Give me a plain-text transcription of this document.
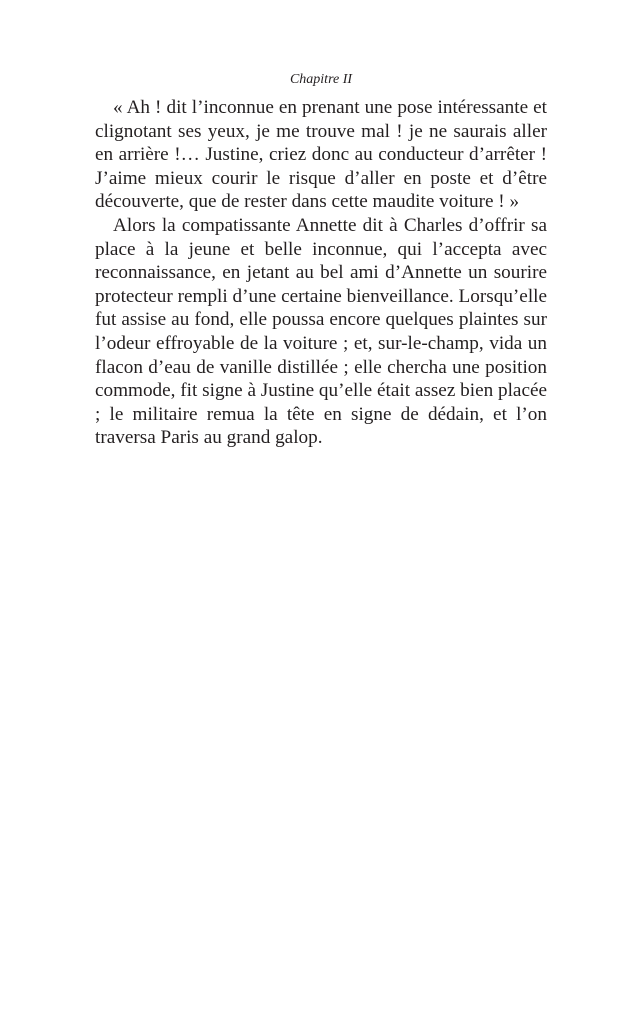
Chapitre II

« Ah ! dit l’inconnue en prenant une pose intéressante et clignotant ses yeux, je me trouve mal ! je ne saurais aller en arrière !… Justine, criez donc au conducteur d’arrêter ! J’aime mieux courir le risque d’aller en poste et d’être découverte, que de rester dans cette maudite voiture ! »

Alors la compatissante Annette dit à Charles d’offrir sa place à la jeune et belle inconnue, qui l’accepta avec reconnaissance, en jetant au bel ami d’Annette un sourire protecteur rempli d’une certaine bienveillance. Lorsqu’elle fut assise au fond, elle poussa encore quelques plaintes sur l’odeur effroyable de la voiture ; et, sur-le-champ, vida un flacon d’eau de vanille distillée ; elle chercha une position commode, fit signe à Justine qu’elle était assez bien placée ; le militaire remua la tête en signe de dédain, et l’on traversa Paris au grand galop.
